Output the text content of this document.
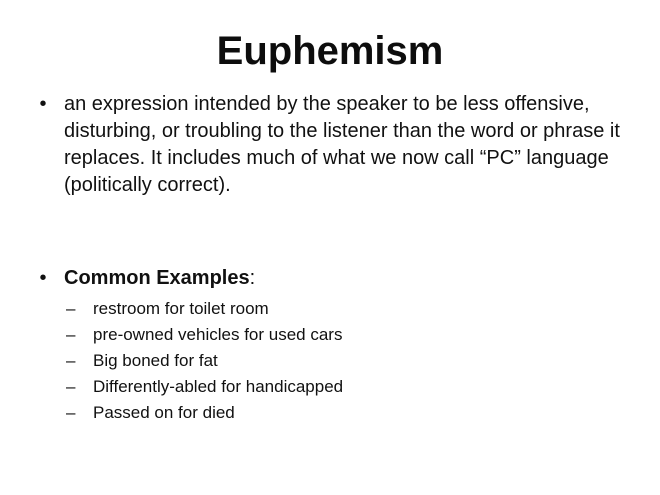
Euphemism
• an expression intended by the speaker to be less offensive, disturbing, or troubling to the listener than the word or phrase it replaces. It includes much of what we now call “PC” language (politically correct).
• Common Examples:
–	restroom for toilet room
–	pre-owned vehicles for used cars
–	Big boned for fat
–	Differently-abled for handicapped
–	Passed on for died
